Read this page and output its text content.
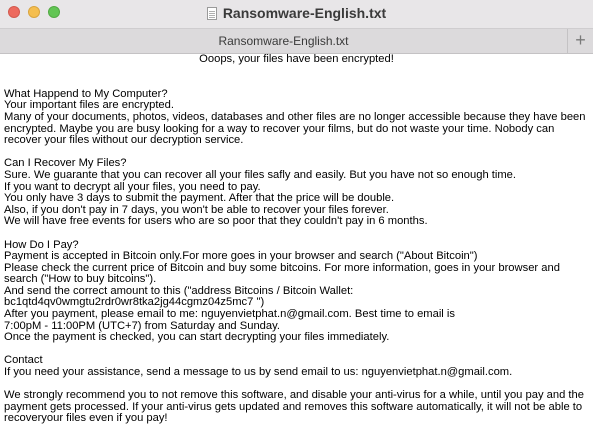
Ransomware-English.txt
Ransomware-English.txt	+

Ooops, your files have been encrypted!

What Happend to My Computer?

Your important files are encrypted.

Many of your documents, photos, videos, databases and other files are no longer accessible because they have been encrypted. Maybe you are busy looking for a way to recover your films, but do not waste your time. Nobody can recover your files without our decryption service.

Can I Recover My Files?

Sure. We guarante that you can recover all your files safly and easily. But you have not so enough time.

If you want to decrypt all your files, you need to pay.

You only have 3 days to submit the payment. After that the price will be double.

Also, if you don't pay in 7 days, you won't be able to recover your files forever.

We will have free events for users who are so poor that they couldn't pay in 6 months.

How Do I Pay?

Payment is accepted in Bitcoin only.For more goes in your browser and search ("About Bitcoin")

Please check the current price of Bitcoin and buy some bitcoins. For more information, goes in your browser and search ("How to buy bitcoins").

And send the correct amount to this ("address Bitcoins / Bitcoin Wallet:

bc1qtd4qv0wmgtu2rdr0wr8tka2jg44cgmz04z5mc7 ")

After you payment, please email to me: nguyenvietphat.n@gmail.com. Best time to email is

7:00pM - 11:00PM (UTC+7) from Saturday and Sunday.

Once the payment is checked, you can start decrypting your files immediately.

Contact

If you need your assistance, send a message to us by send email to us: nguyenvietphat.n@gmail.com.

We strongly recommend you to not remove this software, and disable your anti-virus for a while, until you pay and the payment gets processed. If your anti-virus gets updated and removes this software automatically, it will not be able to recoveryour files even if you pay!
